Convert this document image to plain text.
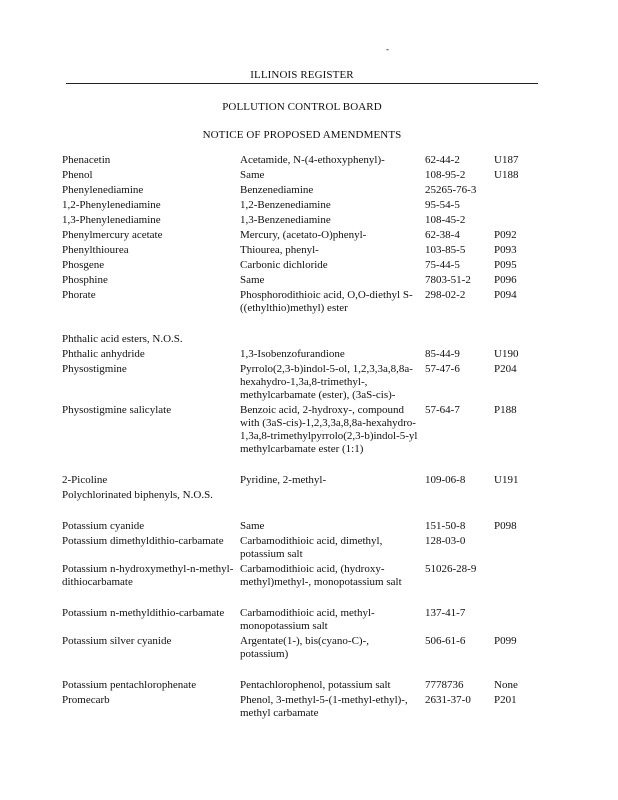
-
ILLINOIS REGISTER
POLLUTION CONTROL BOARD
NOTICE OF PROPOSED AMENDMENTS
Phenacetin	Acetamide, N-(4-ethoxyphenyl)-	62-44-2	U187
Phenol	Same	108-95-2	U188
Phenylenediamine	Benzenediamine	25265-76-3	
1,2-Phenylenediamine	1,2-Benzenediamine	95-54-5	
1,3-Phenylenediamine	1,3-Benzenediamine	108-45-2	
Phenylmercury acetate	Mercury, (acetato-O)phenyl-	62-38-4	P092
Phenylthiourea	Thiourea, phenyl-	103-85-5	P093
Phosgene	Carbonic dichloride	75-44-5	P095
Phosphine	Same	7803-51-2	P096
Phorate	Phosphorodithioic acid, O,O-diethyl S-((ethylthio)methyl) ester	298-02-2	P094

Phthalic acid esters, N.O.S.			
Phthalic anhydride	1,3-Isobenzofurandione	85-44-9	U190
Physostigmine	Pyrrolo(2,3-b)indol-5-ol, 1,2,3,3a,8,8a-hexahydro-1,3a,8-trimethyl-, methylcarbamate (ester), (3aS-cis)-	57-47-6	P204
Physostigmine salicylate	Benzoic acid, 2-hydroxy-, compound with (3aS-cis)-1,2,3,3a,8,8a-hexahydro-1,3a,8-trimethylpyrrolo(2,3-b)indol-5-yl methylcarbamate ester (1:1)	57-64-7	P188

2-Picoline	Pyridine, 2-methyl-	109-06-8	U191
Polychlorinated biphenyls, N.O.S.			

Potassium cyanide	Same	151-50-8	P098
Potassium dimethyldithio-carbamate	Carbamodithioic acid, dimethyl, potassium salt	128-03-0	
Potassium n-hydroxymethyl-n-methyl-dithiocarbamate	Carbamodithioic acid, (hydroxy-methyl)methyl-, monopotassium salt	51026-28-9	

Potassium n-methyldithio-carbamate	Carbamodithioic acid, methyl-monopotassium salt	137-41-7	
Potassium silver cyanide	Argentate(1-), bis(cyano-C)-, potassium)	506-61-6	P099

Potassium pentachlorophenate	Pentachlorophenol, potassium salt	7778736	None
Promecarb	Phenol, 3-methyl-5-(1-methyl-ethyl)-, methyl carbamate	2631-37-0	P201
